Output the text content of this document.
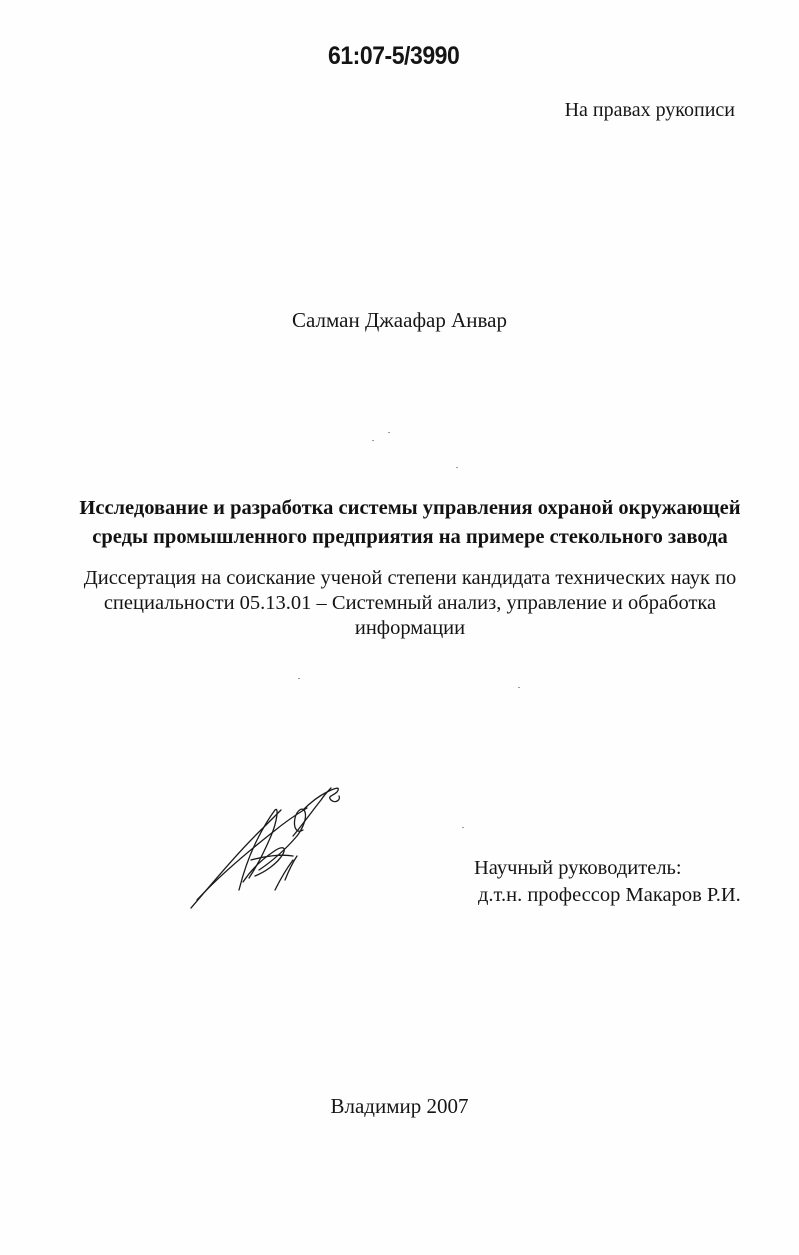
61:07-5/3990
На правах рукописи
Салман Джаафар Анвар
Исследование и разработка системы управления охраной окружающей
среды промышленного предприятия на примере стекольного завода
Диссертация на соискание ученой степени кандидата технических наук по
специальности 05.13.01 – Системный анализ, управление и обработка
информации
Научный руководитель:
д.т.н. профессор Макаров Р.И.
Владимир 2007
